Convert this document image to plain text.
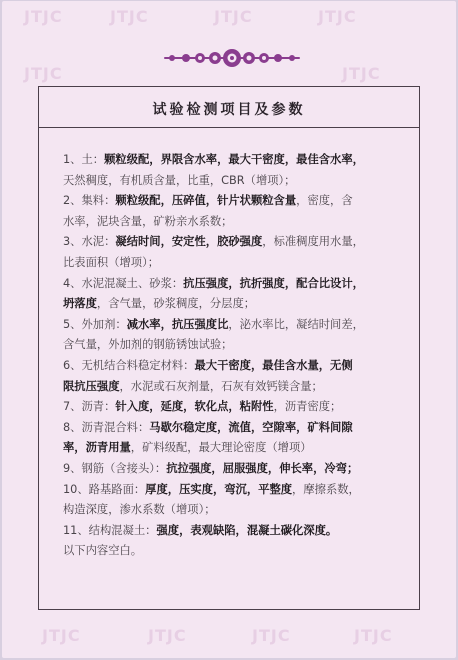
JTJC	JTJC	JTJC	JTJC
JTJC	JTJC
JTJC	JTJC	JTJC	JTJC
试验检测项目及参数
1、土：颗粒级配，界限含水率，最大干密度，最佳含水率，
天然稠度，有机质含量，比重，CBR（增项）；
2、集料：颗粒级配，压碎值，针片状颗粒含量，密度，含
水率，泥块含量，矿粉亲水系数；
3、水泥：凝结时间，安定性，胶砂强度，标准稠度用水量，
比表面积（增项）；
4、水泥混凝土、砂浆：抗压强度，抗折强度，配合比设计，
坍落度，含气量，砂浆稠度，分层度；
5、外加剂：减水率，抗压强度比，泌水率比，凝结时间差，
含气量，外加剂的钢筋锈蚀试验；
6、无机结合料稳定材料：最大干密度，最佳含水量，无侧
限抗压强度，水泥或石灰剂量，石灰有效钙镁含量；
7、沥青：针入度，延度，软化点，粘附性，沥青密度；
8、沥青混合料：马歇尔稳定度，流值，空隙率，矿料间隙
率，沥青用量，矿料级配，最大理论密度（增项）
9、钢筋（含接头）：抗拉强度，屈服强度，伸长率，冷弯；
10、路基路面：厚度，压实度，弯沉，平整度，摩擦系数，
构造深度，渗水系数（增项）；
11、结构混凝土：强度，表观缺陷，混凝土碳化深度。
以下内容空白。
